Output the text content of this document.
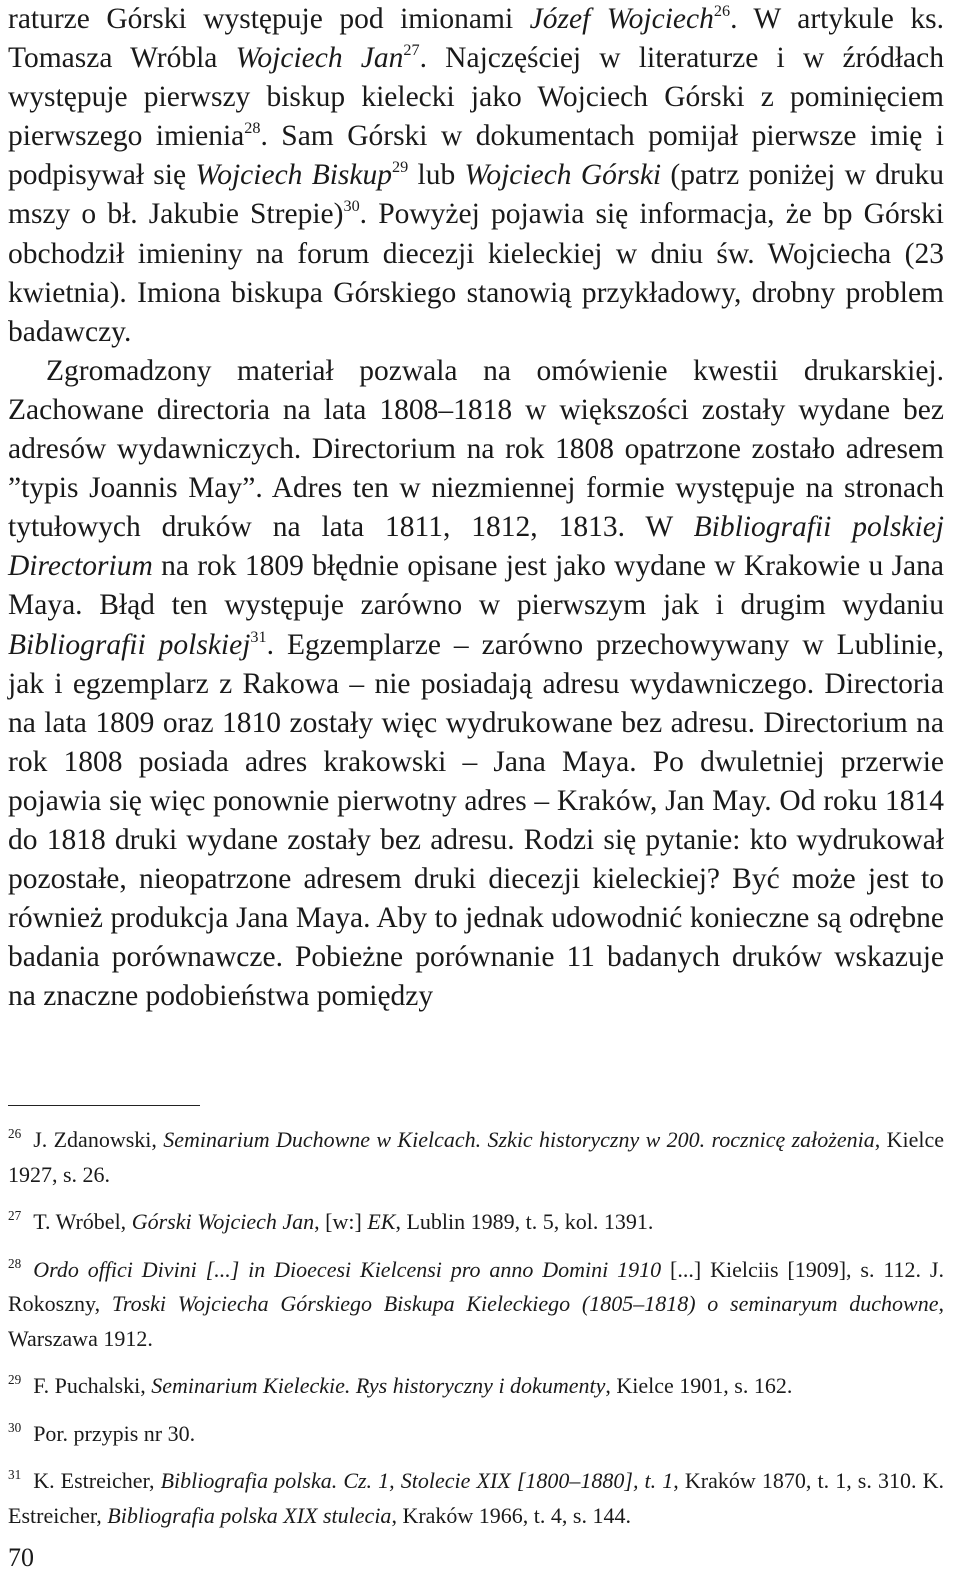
raturze Górski występuje pod imionami Józef Wojciech$^{26}$. W artykule ks. Tomasza Wróbla Wojciech Jan$^{27}$. Najczęściej w literaturze i w źródłach występuje pierwszy biskup kielecki jako Wojciech Górski z pominięciem pierwszego imienia$^{28}$. Sam Górski w dokumentach pomijał pierwsze imię i podpisywał się Wojciech Biskup$^{29}$ lub Wojciech Górski (patrz poniżej w druku mszy o bł. Jakubie Strepie)$^{30}$. Powyżej pojawia się informacja, że bp Górski obchodził imieniny na forum diecezji kieleckiej w dniu św. Wojciecha (23 kwietnia). Imiona biskupa Górskiego stanowią przykładowy, drobny problem badawczy.

Zgromadzony materiał pozwala na omówienie kwestii drukarskiej. Zachowane directoria na lata 1808–1818 w większości zostały wydane bez adresów wydawniczych. Directorium na rok 1808 opatrzone zostało adresem ”typis Joannis May”. Adres ten w niezmiennej formie występuje na stronach tytułowych druków na lata 1811, 1812, 1813. W Bibliografii polskiej Directorium na rok 1809 błędnie opisane jest jako wydane w Krakowie u Jana Maya. Błąd ten występuje zarówno w pierwszym jak i drugim wydaniu Bibliografii polskiej$^{31}$. Egzemplarze – zarówno przechowywany w Lublinie, jak i egzemplarz z Rakowa – nie posiadają adresu wydawniczego. Directoria na lata 1809 oraz 1810 zostały więc wydrukowane bez adresu. Directorium na rok 1808 posiada adres krakowski – Jana Maya. Po dwuletniej przerwie pojawia się więc ponownie pierwotny adres – Kraków, Jan May. Od roku 1814 do 1818 druki wydane zostały bez adresu. Rodzi się pytanie: kto wydrukował pozostałe, nieopatrzone adresem druki diecezji kieleckiej? Być może jest to również produkcja Jana Maya. Aby to jednak udowodnić konieczne są odrębne badania porównawcze. Pobieżne porównanie 11 badanych druków wskazuje na znaczne podobieństwa pomiędzy

$^{26}$ J. Zdanowski, Seminarium Duchowne w Kielcach. Szkic historyczny w 200. rocznicę założenia, Kielce 1927, s. 26.
$^{27}$ T. Wróbel, Górski Wojciech Jan, [w:] EK, Lublin 1989, t. 5, kol. 1391.
$^{28}$ Ordo offici Divini [...] in Dioecesi Kielcensi pro anno Domini 1910 [...] Kielciis [1909], s. 112. J. Rokoszny, Troski Wojciecha Górskiego Biskupa Kieleckiego (1805–1818) o seminaryum duchowne, Warszawa 1912.
$^{29}$ F. Puchalski, Seminarium Kieleckie. Rys historyczny i dokumenty, Kielce 1901, s. 162.
$^{30}$ Por. przypis nr 30.
$^{31}$ K. Estreicher, Bibliografia polska. Cz. 1, Stolecie XIX [1800–1880], t. 1, Kraków 1870, t. 1, s. 310. K. Estreicher, Bibliografia polska XIX stulecia, Kraków 1966, t. 4, s. 144.
70
